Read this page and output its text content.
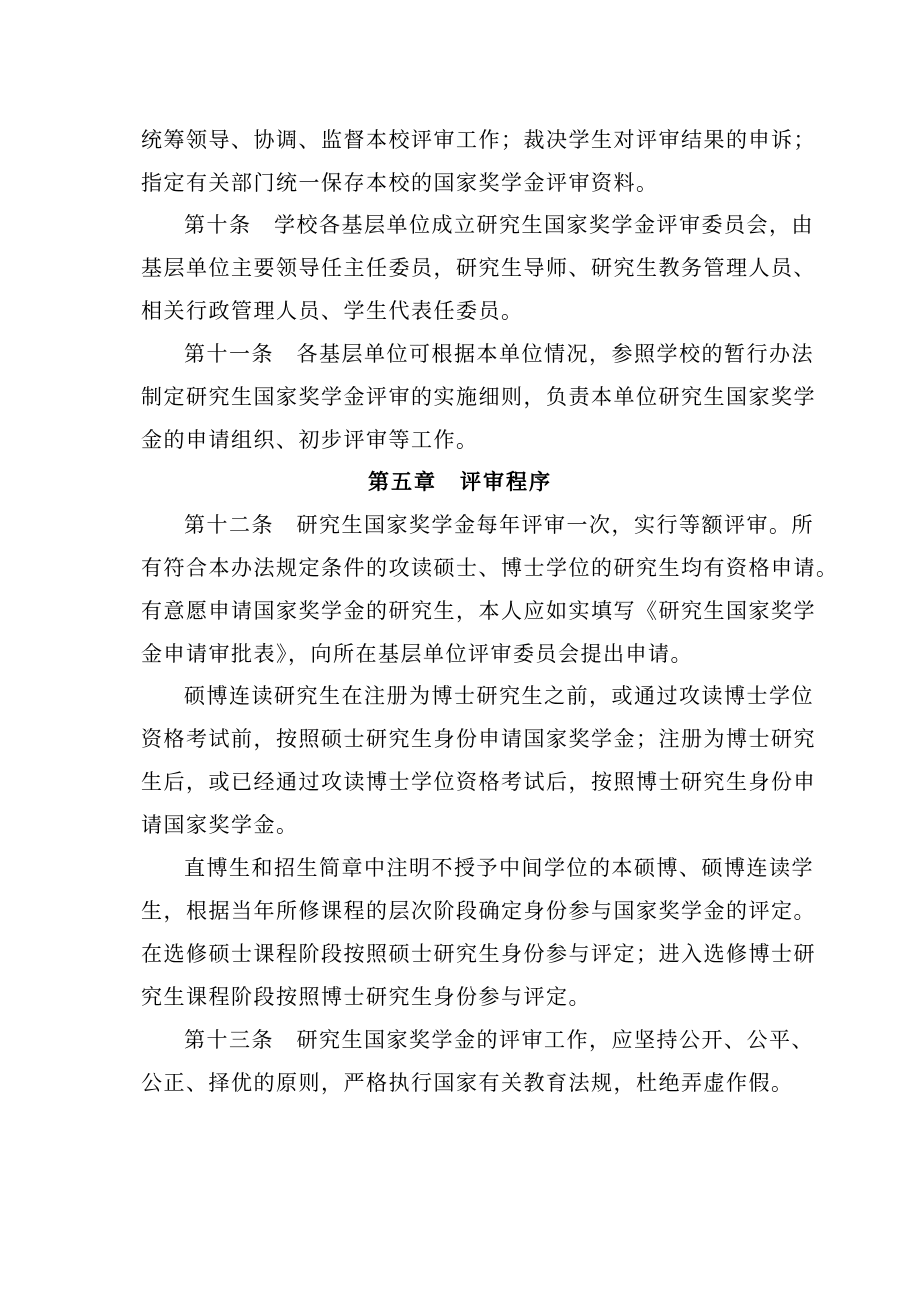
统筹领导、协调、监督本校评审工作；裁决学生对评审结果的申诉；
指定有关部门统一保存本校的国家奖学金评审资料。
第十条　学校各基层单位成立研究生国家奖学金评审委员会，由
基层单位主要领导任主任委员，研究生导师、研究生教务管理人员、
相关行政管理人员、学生代表任委员。
第十一条　各基层单位可根据本单位情况，参照学校的暂行办法
制定研究生国家奖学金评审的实施细则，负责本单位研究生国家奖学
金的申请组织、初步评审等工作。
第五章　评审程序
第十二条　研究生国家奖学金每年评审一次，实行等额评审。所
有符合本办法规定条件的攻读硕士、博士学位的研究生均有资格申请。
有意愿申请国家奖学金的研究生，本人应如实填写《研究生国家奖学
金申请审批表》，向所在基层单位评审委员会提出申请。
硕博连读研究生在注册为博士研究生之前，或通过攻读博士学位
资格考试前，按照硕士研究生身份申请国家奖学金；注册为博士研究
生后，或已经通过攻读博士学位资格考试后，按照博士研究生身份申
请国家奖学金。
直博生和招生简章中注明不授予中间学位的本硕博、硕博连读学
生，根据当年所修课程的层次阶段确定身份参与国家奖学金的评定。
在选修硕士课程阶段按照硕士研究生身份参与评定；进入选修博士研
究生课程阶段按照博士研究生身份参与评定。
第十三条　研究生国家奖学金的评审工作，应坚持公开、公平、
公正、择优的原则，严格执行国家有关教育法规，杜绝弄虚作假。
